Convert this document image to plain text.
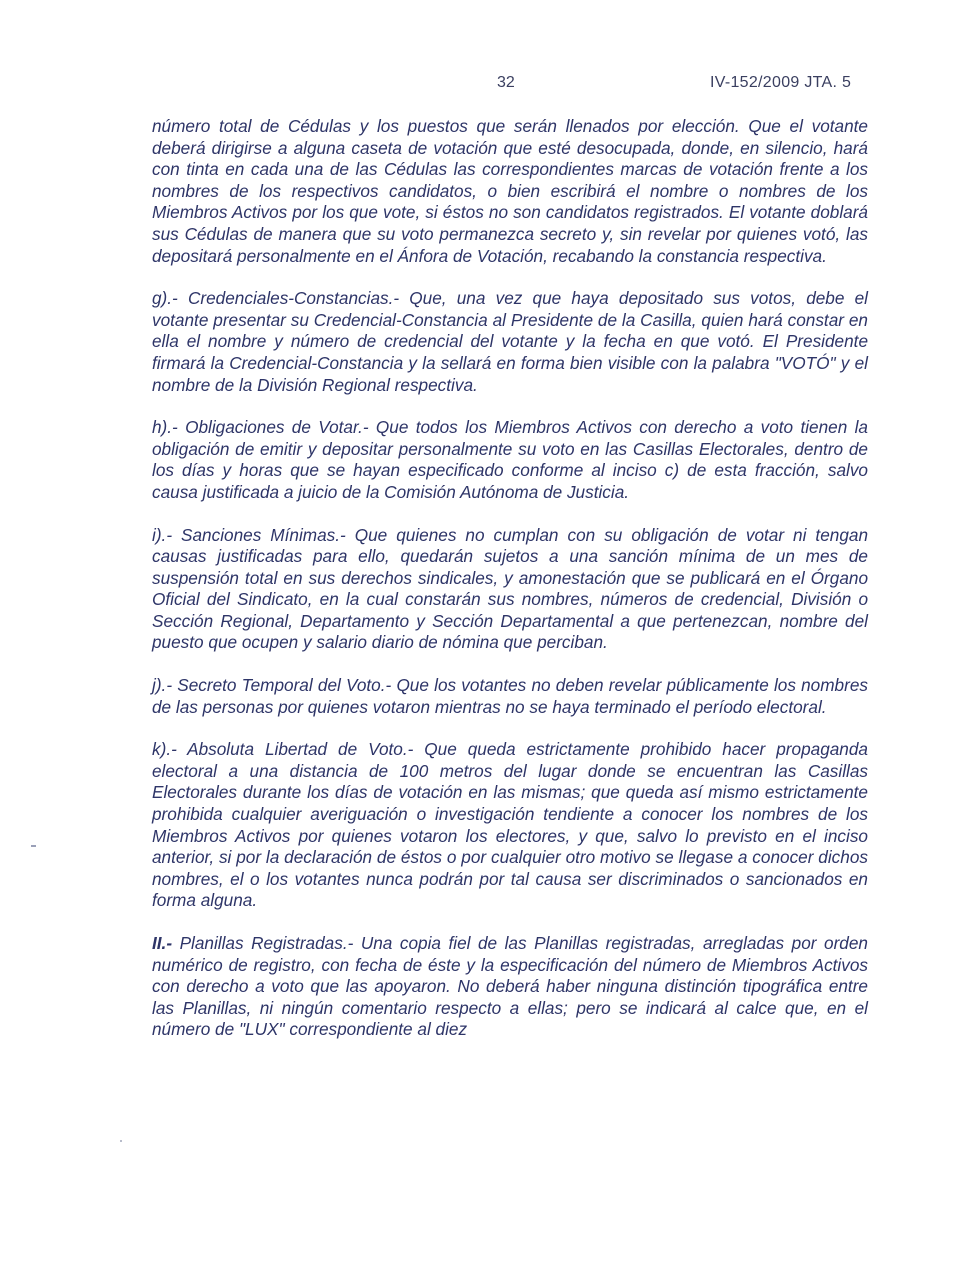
32	IV-152/2009 JTA. 5

número total de Cédulas y los puestos que serán llenados por elección. Que el votante deberá dirigirse a alguna caseta de votación que esté desocupada, donde, en silencio, hará con tinta en cada una de las Cédulas las correspondientes marcas de votación frente a los nombres de los respectivos candidatos, o bien escribirá el nombre o nombres de los Miembros Activos por los que vote, si éstos no son candidatos registrados. El votante doblará sus Cédulas de manera que su voto permanezca secreto y, sin revelar por quienes votó, las depositará personalmente en el Ánfora de Votación, recabando la constancia respectiva.

g).- Credenciales-Constancias.- Que, una vez que haya depositado sus votos, debe el votante presentar su Credencial-Constancia al Presidente de la Casilla, quien hará constar en ella el nombre y número de credencial del votante y la fecha en que votó. El Presidente firmará la Credencial-Constancia y la sellará en forma bien visible con la palabra "VOTÓ" y el nombre de la División Regional respectiva.

h).- Obligaciones de Votar.- Que todos los Miembros Activos con derecho a voto tienen la obligación de emitir y depositar personalmente su voto en las Casillas Electorales, dentro de los días y horas que se hayan especificado conforme al inciso c) de esta fracción, salvo causa justificada a juicio de la Comisión Autónoma de Justicia.

i).- Sanciones Mínimas.- Que quienes no cumplan con su obligación de votar ni tengan causas justificadas para ello, quedarán sujetos a una sanción mínima de un mes de suspensión total en sus derechos sindicales, y amonestación que se publicará en el Órgano Oficial del Sindicato, en la cual constarán sus nombres, números de credencial, División o Sección Regional, Departamento y Sección Departamental a que pertenezcan, nombre del puesto que ocupen y salario diario de nómina que perciban.

j).- Secreto Temporal del Voto.- Que los votantes no deben revelar públicamente los nombres de las personas por quienes votaron mientras no se haya terminado el período electoral.

k).- Absoluta Libertad de Voto.- Que queda estrictamente prohibido hacer propaganda electoral a una distancia de 100 metros del lugar donde se encuentran las Casillas Electorales durante los días de votación en las mismas; que queda así mismo estrictamente prohibida cualquier averiguación o investigación tendiente a conocer los nombres de los Miembros Activos por quienes votaron los electores, y que, salvo lo previsto en el inciso anterior, si por la declaración de éstos o por cualquier otro motivo se llegase a conocer dichos nombres, el o los votantes nunca podrán por tal causa ser discriminados o sancionados en forma alguna.

II.- Planillas Registradas.- Una copia fiel de las Planillas registradas, arregladas por orden numérico de registro, con fecha de éste y la especificación del número de Miembros Activos con derecho a voto que las apoyaron. No deberá haber ninguna distinción tipográfica entre las Planillas, ni ningún comentario respecto a ellas; pero se indicará al calce que, en el número de "LUX" correspondiente al diez
